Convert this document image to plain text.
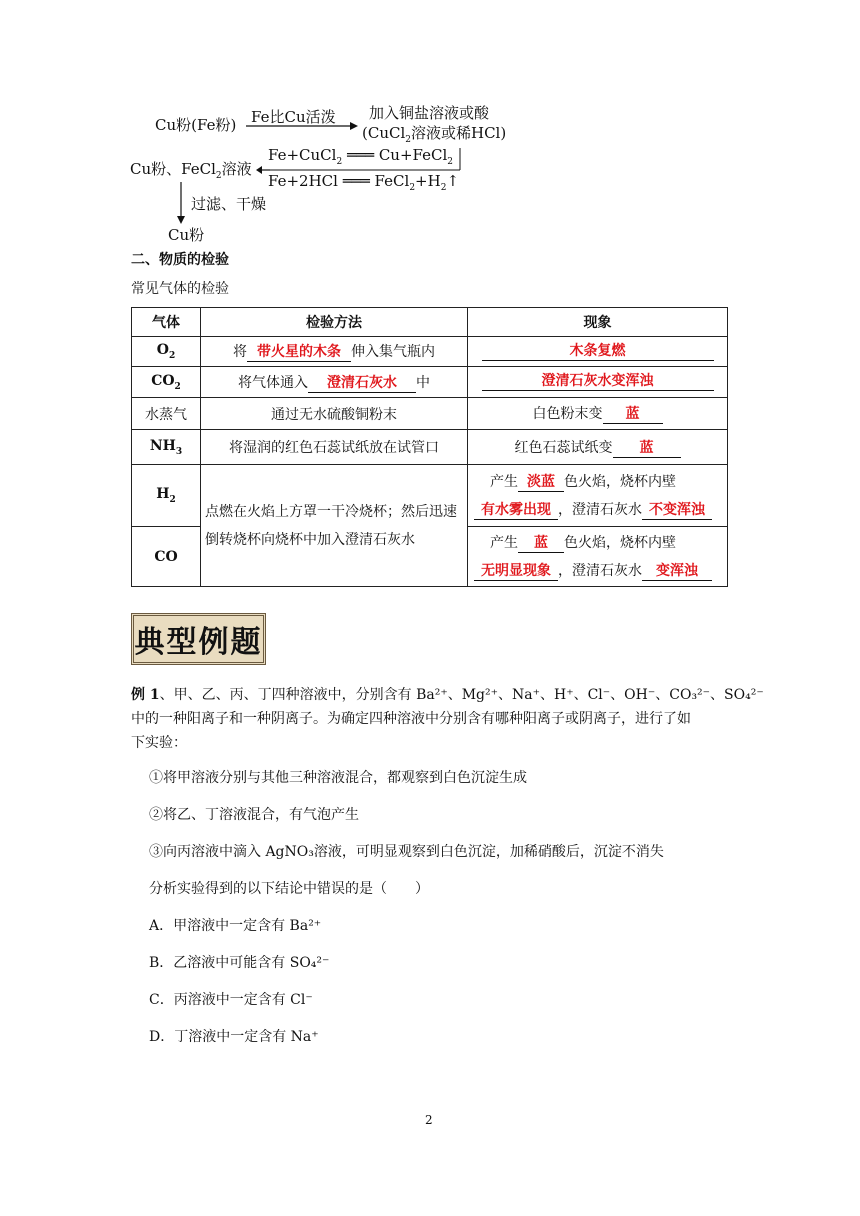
Cu粉(Fe粉) Fe比Cu活泼 加入铜盐溶液或酸
(CuCl$_2$溶液或稀HCl)
Cu粉、FeCl$_2$溶液
Fe+CuCl$_2$ ═══ Cu+FeCl$_2$
Fe+2HCl ═══ $FeCl_2+H_2↑$
过滤、干燥
Cu粉
二、物质的检验
常见气体的检验
气体	检验方法	现象
$O_2$	将 带火星的木条 伸入集气瓶内	木条复燃
$CO_2$	将气体通入 澄清石灰水 中	澄清石灰水变浑浊
水蒸气	通过无水硫酸铜粉末	白色粉末变 蓝
$NH_3$	将湿润的红色石蕊试纸放在试管口	红色石蕊试纸变 蓝
$H_2$	点燃在火焰上方罩一干冷烧杯；然后迅速倒转烧杯向烧杯中加入澄清石灰水	产生 淡蓝 色火焰，烧杯内壁
有水雾出现 ，澄清石灰水 不变浑浊

CO		产生 蓝 色火焰，烧杯内壁
无明显现象 ，澄清石灰水 变浑浊
典型例题
例 1、甲、乙、丙、丁四种溶液中，分别含有 Ba²⁺、Mg²⁺、Na⁺、H⁺、Cl⁻、OH⁻、CO₃²⁻、SO₄²⁻
中的一种阳离子和一种阴离子。为确定四种溶液中分别含有哪种阳离子或阴离子，进行了如
下实验：
①将甲溶液分别与其他三种溶液混合，都观察到白色沉淀生成
②将乙、丁溶液混合，有气泡产生
③向丙溶液中滴入 AgNO₃溶液，可明显观察到白色沉淀，加稀硝酸后，沉淀不消失
分析实验得到的以下结论中错误的是（　　）
A．甲溶液中一定含有 Ba²⁺
B．乙溶液中可能含有 SO₄²⁻
C．丙溶液中一定含有 Cl⁻
D．丁溶液中一定含有 Na⁺
2
